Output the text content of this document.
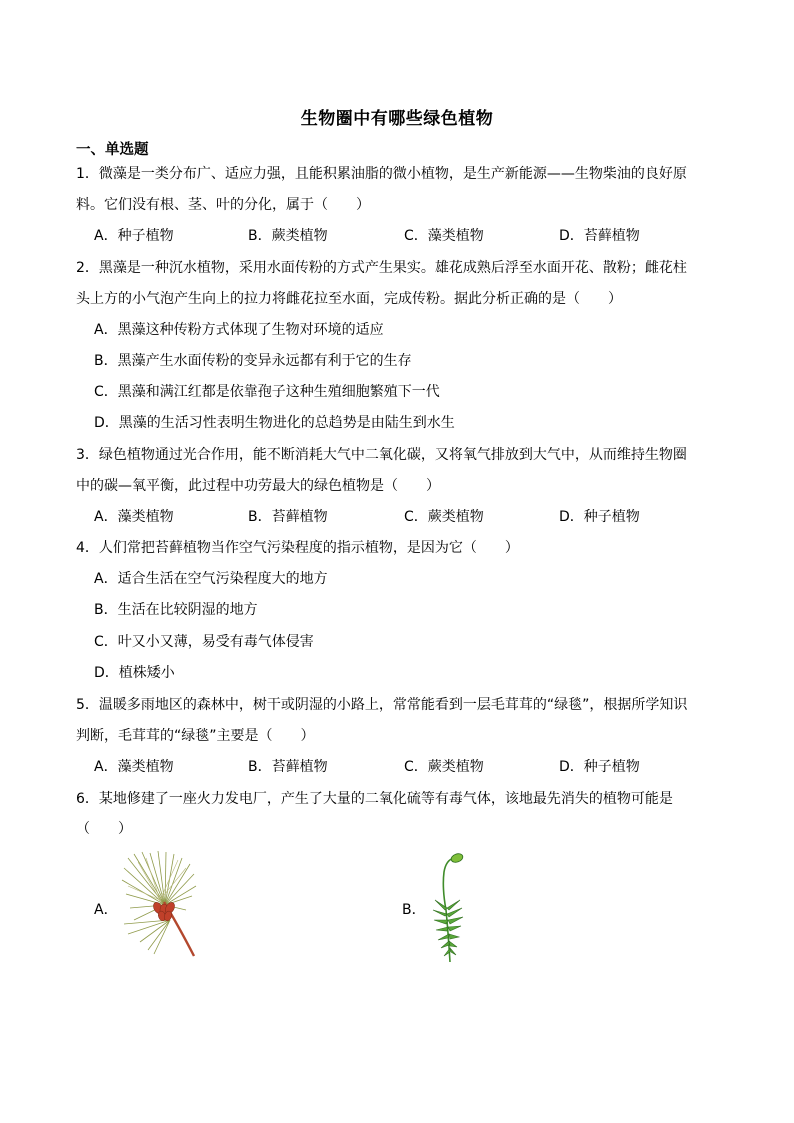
生物圈中有哪些绿色植物
一、单选题
1．微藻是一类分布广、适应力强，且能积累油脂的微小植物，是生产新能源——生物柴油的良好原
料。它们没有根、茎、叶的分化，属于（　　）
A．种子植物	B．蕨类植物	C．藻类植物	D．苔藓植物
2．黑藻是一种沉水植物，采用水面传粉的方式产生果实。雄花成熟后浮至水面开花、散粉；雌花柱
头上方的小气泡产生向上的拉力将雌花拉至水面，完成传粉。据此分析正确的是（　　）
A．黑藻这种传粉方式体现了生物对环境的适应
B．黑藻产生水面传粉的变异永远都有利于它的生存
C．黑藻和满江红都是依靠孢子这种生殖细胞繁殖下一代
D．黑藻的生活习性表明生物进化的总趋势是由陆生到水生
3．绿色植物通过光合作用，能不断消耗大气中二氧化碳，又将氧气排放到大气中，从而维持生物圈
中的碳—氧平衡，此过程中功劳最大的绿色植物是（　　）
A．藻类植物	B．苔藓植物	C．蕨类植物	D．种子植物
4．人们常把苔藓植物当作空气污染程度的指示植物，是因为它（　　）
A．适合生活在空气污染程度大的地方
B．生活在比较阴湿的地方
C．叶又小又薄，易受有毒气体侵害
D．植株矮小
5．温暖多雨地区的森林中，树干或阴湿的小路上，常常能看到一层毛茸茸的“绿毯”，根据所学知识
判断，毛茸茸的“绿毯”主要是（　　）
A．藻类植物	B．苔藓植物	C．蕨类植物	D．种子植物
6．某地修建了一座火力发电厂，产生了大量的二氧化硫等有毒气体，该地最先消失的植物可能是
（　　）
A．	B．
